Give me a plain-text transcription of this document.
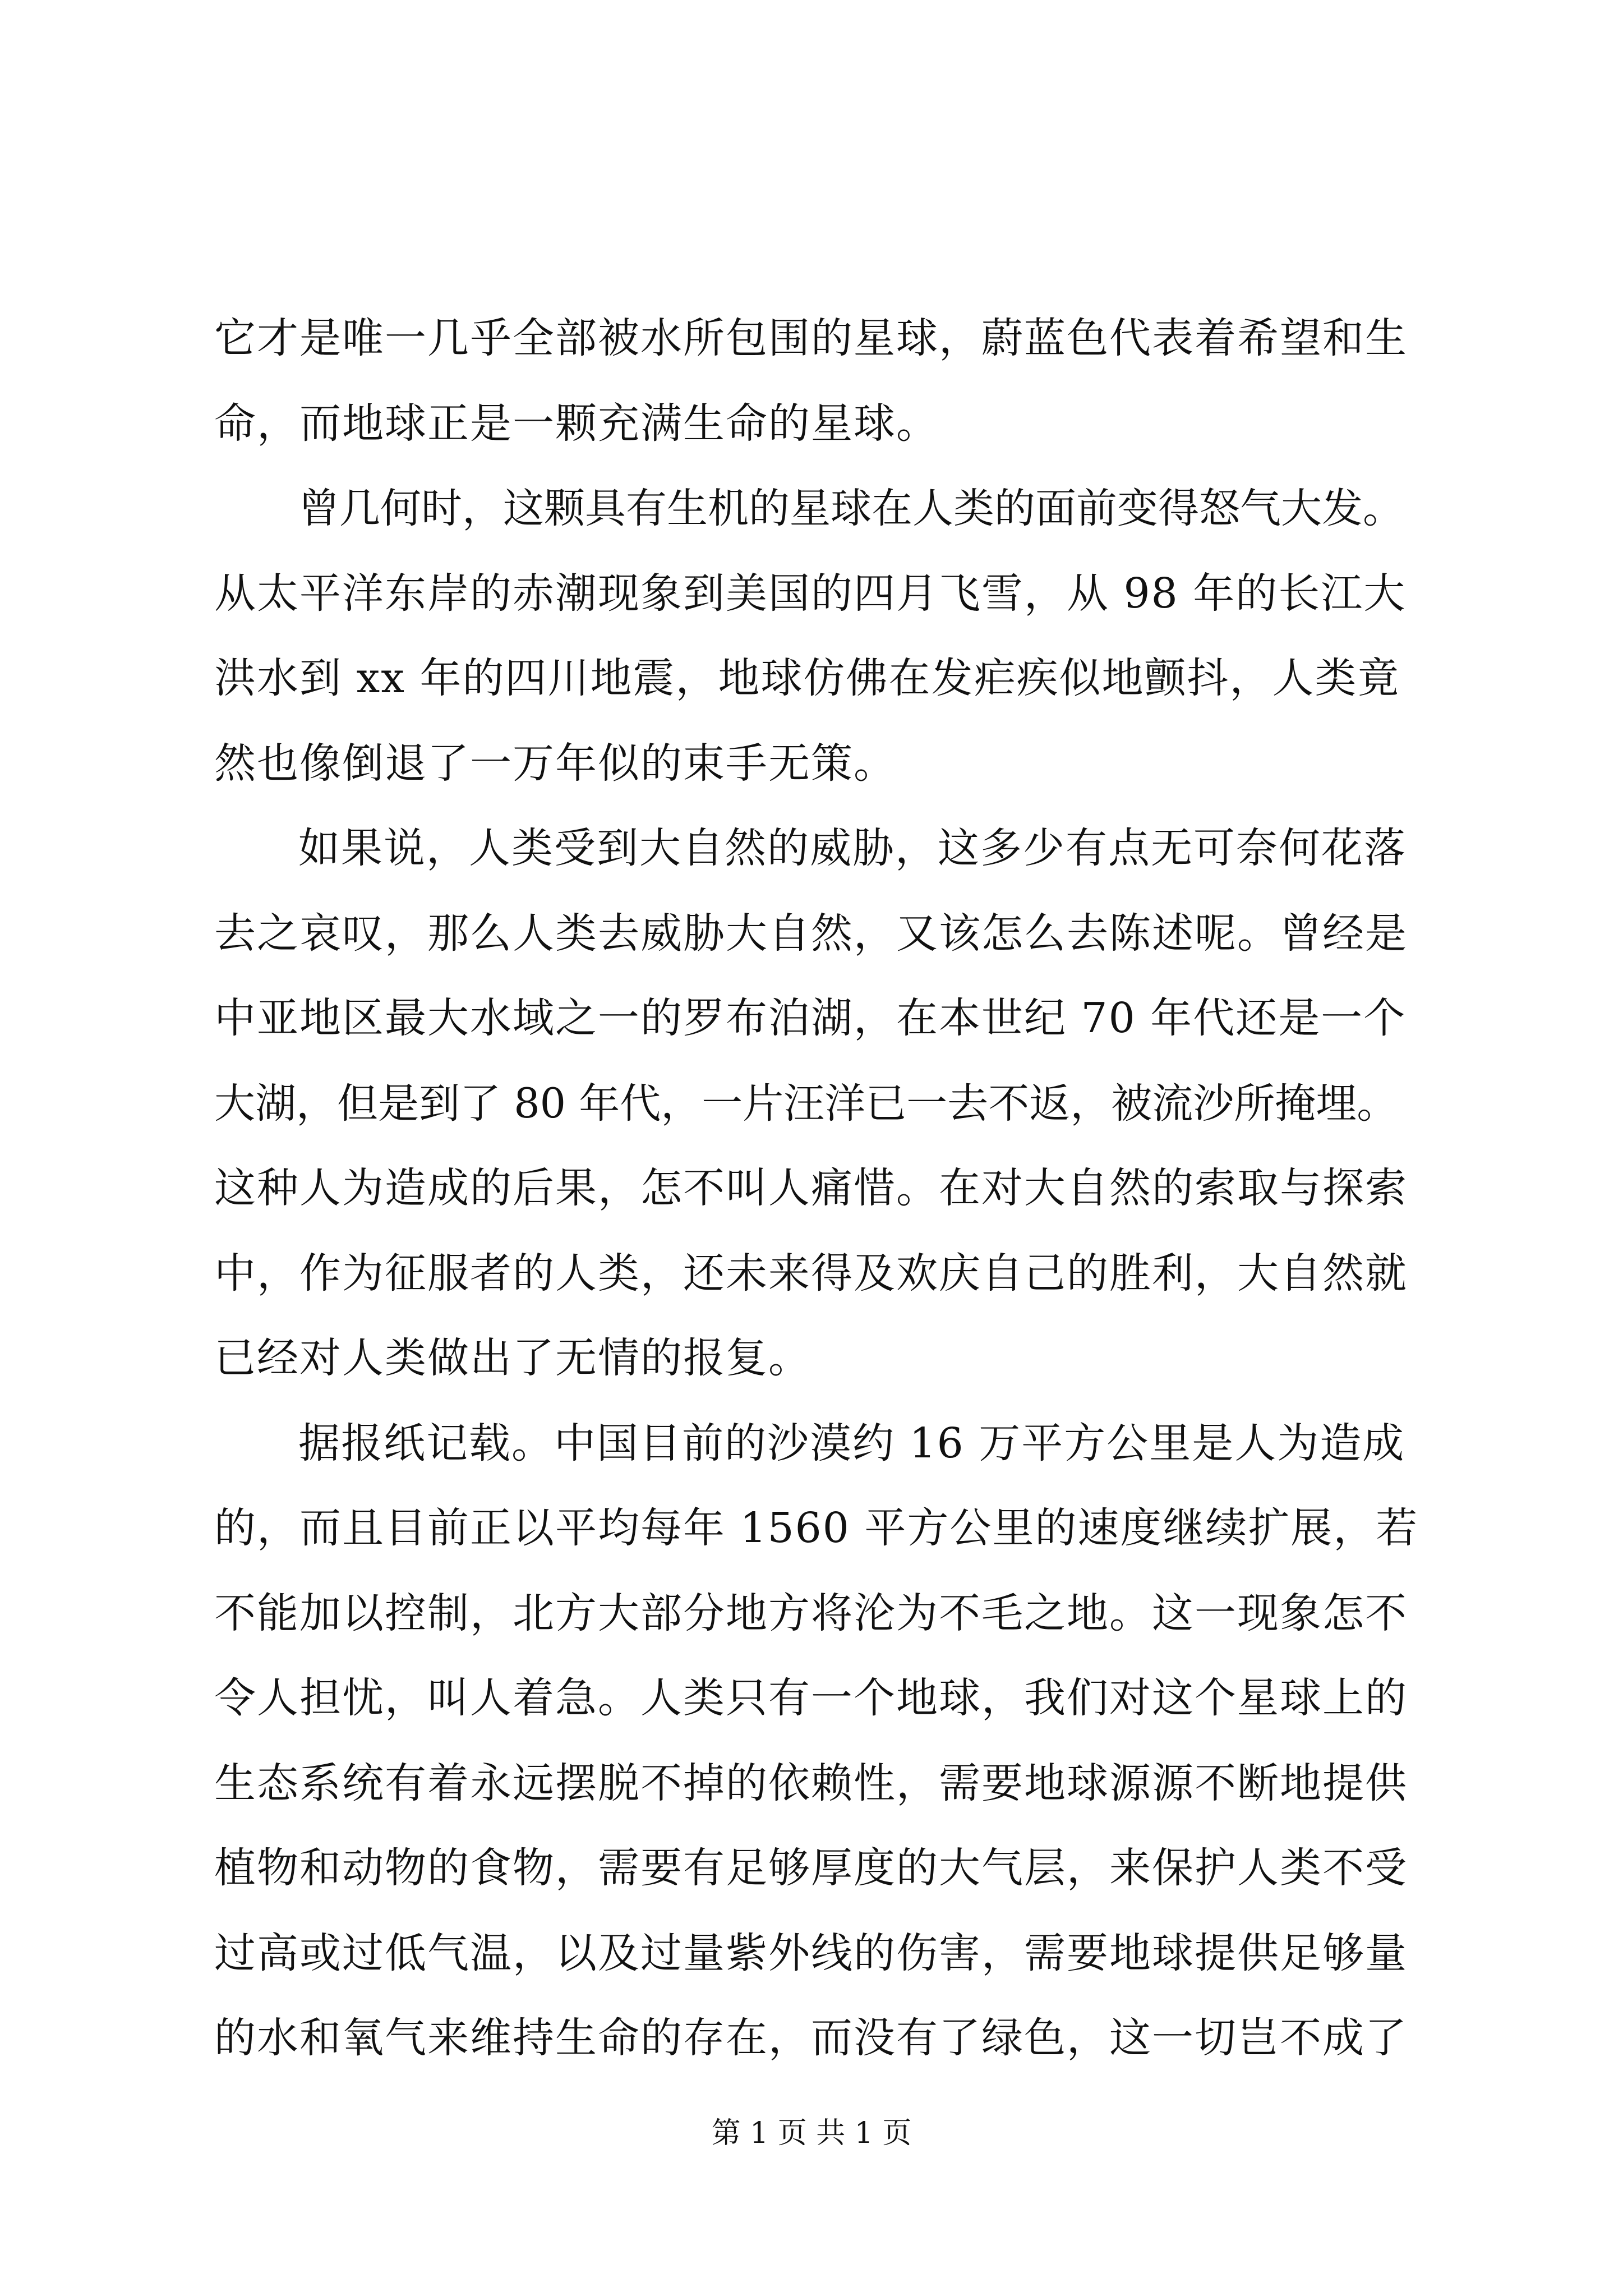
它才是唯一几乎全部被水所包围的星球，蔚蓝色代表着希望和生
命，而地球正是一颗充满生命的星球。
曾几何时，这颗具有生机的星球在人类的面前变得怒气大发。
从太平洋东岸的赤潮现象到美国的四月飞雪，从 98 年的长江大
洪水到 xx 年的四川地震，地球仿佛在发疟疾似地颤抖，人类竟
然也像倒退了一万年似的束手无策。
如果说，人类受到大自然的威胁，这多少有点无可奈何花落
去之哀叹，那么人类去威胁大自然，又该怎么去陈述呢。曾经是
中亚地区最大水域之一的罗布泊湖，在本世纪 70 年代还是一个
大湖，但是到了 80 年代，一片汪洋已一去不返，被流沙所掩埋。
这种人为造成的后果，怎不叫人痛惜。在对大自然的索取与探索
中，作为征服者的人类，还未来得及欢庆自己的胜利，大自然就
已经对人类做出了无情的报复。
据报纸记载。中国目前的沙漠约 16 万平方公里是人为造成
的，而且目前正以平均每年 1560 平方公里的速度继续扩展，若
不能加以控制，北方大部分地方将沦为不毛之地。这一现象怎不
令人担忧，叫人着急。人类只有一个地球，我们对这个星球上的
生态系统有着永远摆脱不掉的依赖性，需要地球源源不断地提供
植物和动物的食物，需要有足够厚度的大气层，来保护人类不受
过高或过低气温，以及过量紫外线的伤害，需要地球提供足够量
的水和氧气来维持生命的存在，而没有了绿色，这一切岂不成了
第 1 页 共 1 页
